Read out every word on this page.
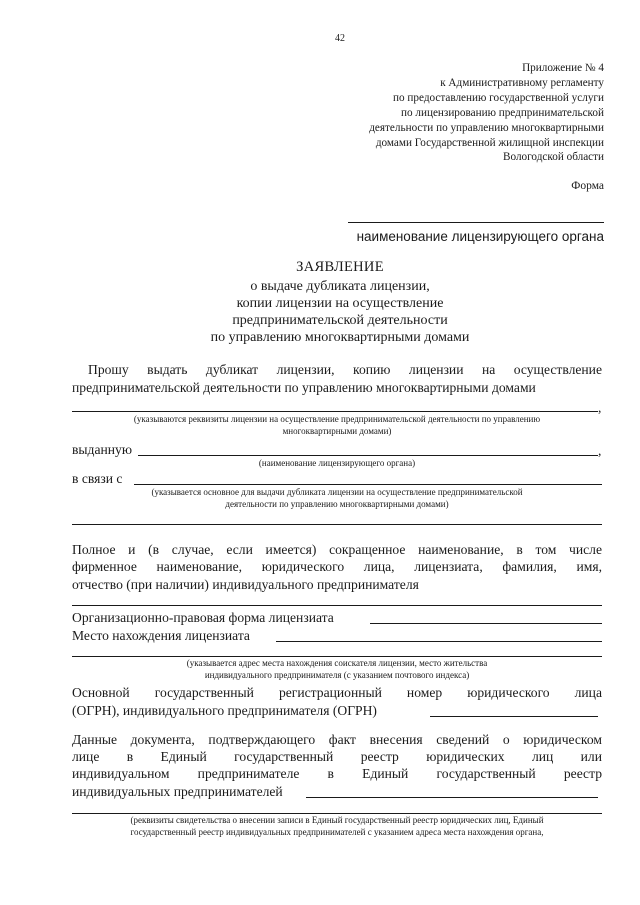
42
Приложение № 4
к Административному регламенту
по предоставлению государственной услуги
по лицензированию предпринимательской
деятельности по управлению многоквартирными
домами Государственной жилищной инспекции
Вологодской области
Форма
наименование лицензирующего органа
ЗАЯВЛЕНИЕ
о выдаче дубликата лицензии,
копии лицензии на осуществление
предпринимательской деятельности
по управлению многоквартирными домами
Прошу выдать дубликат лицензии, копию лицензии на осуществление
предпринимательской деятельности по управлению многоквартирными домами
,
(указываются реквизиты лицензии на осуществление предпринимательской деятельности по управлению
многоквартирными домами)
выданную	,
(наименование лицензирующего органа)
в связи с
(указывается основное для выдачи дубликата лицензии на осуществление предпринимательской
деятельности по управлению многоквартирными домами)
Полное и (в случае, если имеется) сокращенное наименование, в том числе
фирменное наименование, юридического лица, лицензиата, фамилия, имя,
отчество (при наличии) индивидуального предпринимателя
Организационно-правовая форма лицензиата
Место нахождения лицензиата
(указывается адрес места нахождения соискателя лицензии, место жительства
индивидуального предпринимателя (с указанием почтового индекса)
Основной государственный регистрационный номер юридического лица
(ОГРН), индивидуального предпринимателя (ОГРН)
Данные документа, подтверждающего факт внесения сведений о юридическом
лице в Единый государственный реестр юридических лиц или
индивидуальном предпринимателе в Единый государственный реестр
индивидуальных предпринимателей
(реквизиты свидетельства о внесении записи в Единый государственный реестр юридических лиц, Единый
государственный реестр индивидуальных предпринимателей с указанием адреса места нахождения органа,
